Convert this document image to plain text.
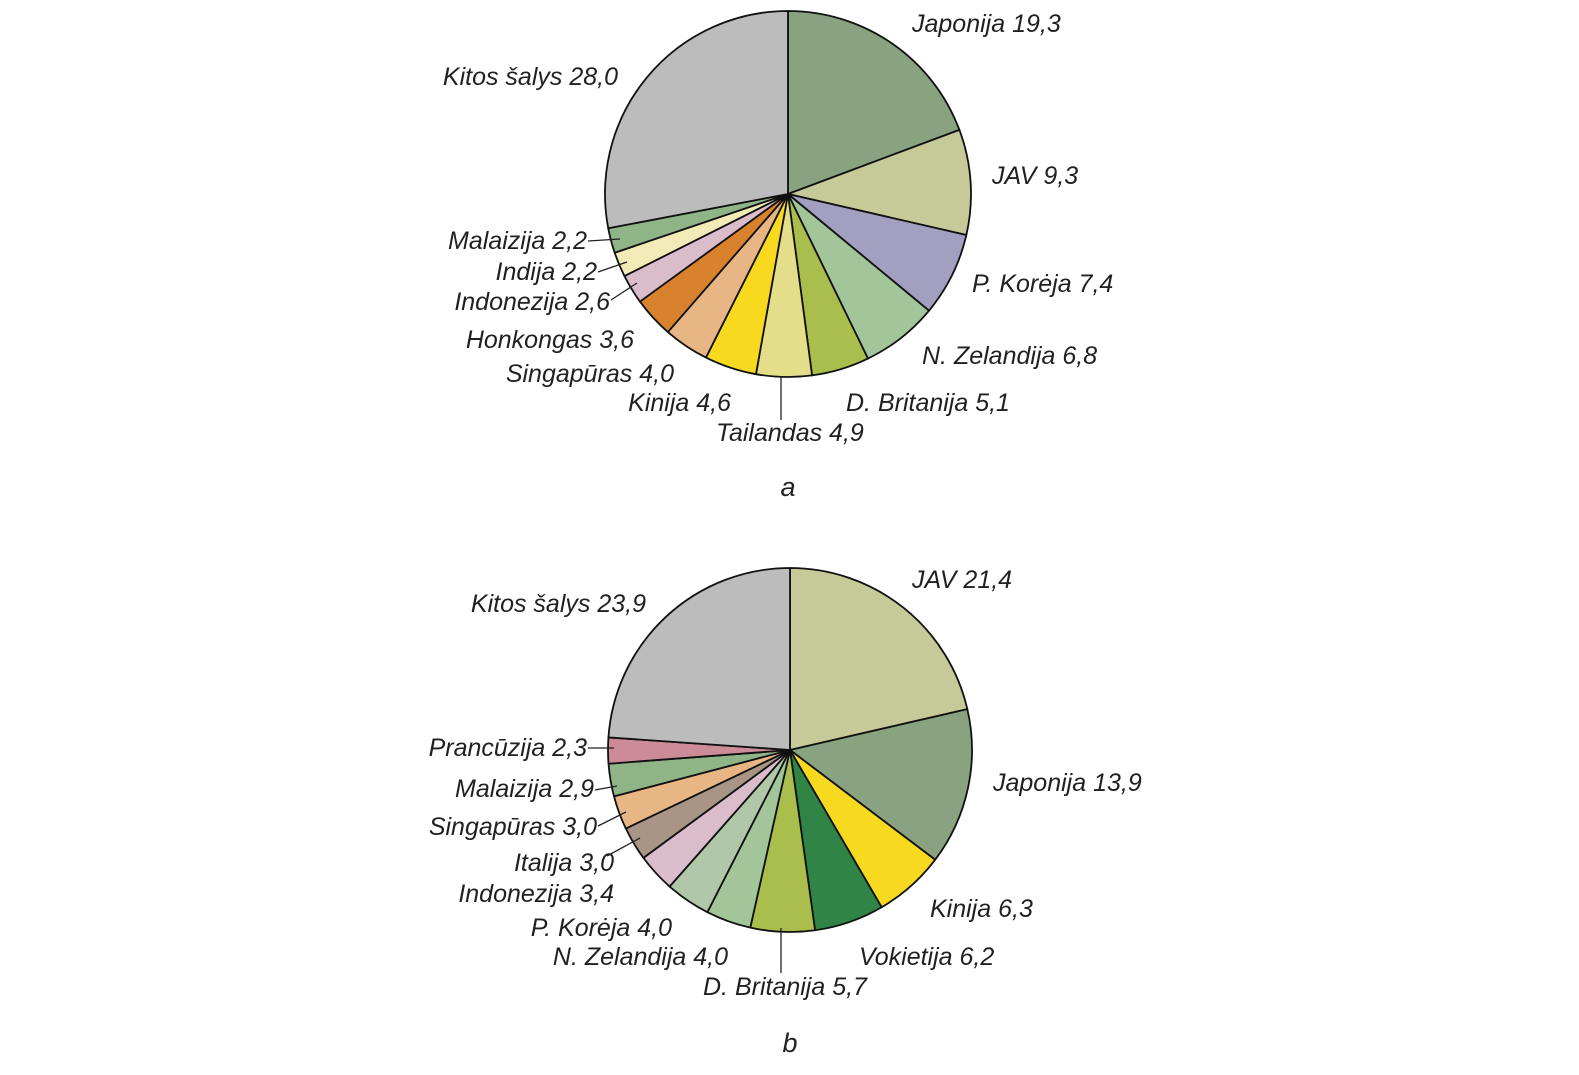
Japonija 19,3
JAV 9,3
P. Korėja 7,4
N. Zelandija 6,8
D. Britanija 5,1
Tailandas 4,9
Kinija 4,6
Singapūras 4,0
Honkongas 3,6
Indonezija 2,6
Indija 2,2
Malaizija 2,2
Kitos šalys 28,0
a
JAV 21,4
Japonija 13,9
Kinija 6,3
Vokietija 6,2
D. Britanija 5,7
N. Zelandija 4,0
P. Korėja 4,0
Indonezija 3,4
Italija 3,0
Singapūras 3,0
Malaizija 2,9
Prancūzija 2,3
Kitos šalys 23,9
b
